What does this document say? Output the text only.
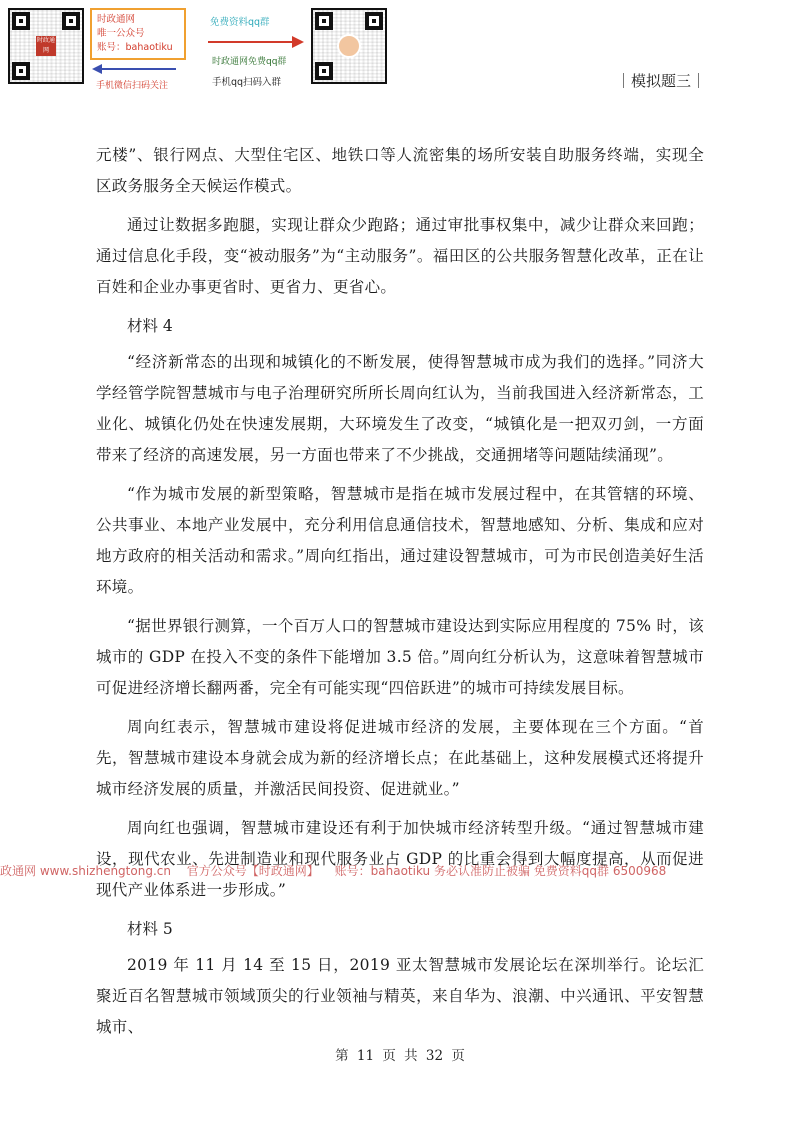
时政通网
时政通网
唯一公众号
账号：bahaotiku
手机微信扫码关注
免费资料qq群
时政通网免费qq群
手机qq扫码入群	｜模拟题三｜

元楼”、银行网点、大型住宅区、地铁口等人流密集的场所安装自助服务终端，实现全区政务服务全天候运作模式。

通过让数据多跑腿，实现让群众少跑路；通过审批事权集中，减少让群众来回跑；通过信息化手段，变“被动服务”为“主动服务”。福田区的公共服务智慧化改革，正在让百姓和企业办事更省时、更省力、更省心。

材料 4

“经济新常态的出现和城镇化的不断发展，使得智慧城市成为我们的选择。”同济大学经管学院智慧城市与电子治理研究所所长周向红认为，当前我国进入经济新常态，工业化、城镇化仍处在快速发展期，大环境发生了改变，“城镇化是一把双刃剑，一方面带来了经济的高速发展，另一方面也带来了不少挑战，交通拥堵等问题陆续涌现”。

“作为城市发展的新型策略，智慧城市是指在城市发展过程中，在其管辖的环境、公共事业、本地产业发展中，充分利用信息通信技术，智慧地感知、分析、集成和应对地方政府的相关活动和需求。”周向红指出，通过建设智慧城市，可为市民创造美好生活环境。

“据世界银行测算，一个百万人口的智慧城市建设达到实际应用程度的 75% 时，该城市的 GDP 在投入不变的条件下能增加 3.5 倍。”周向红分析认为，这意味着智慧城市可促进经济增长翻两番，完全有可能实现“四倍跃进”的城市可持续发展目标。

周向红表示，智慧城市建设将促进城市经济的发展，主要体现在三个方面。“首先，智慧城市建设本身就会成为新的经济增长点；在此基础上，这种发展模式还将提升城市经济发展的质量，并激活民间投资、促进就业。”

周向红也强调，智慧城市建设还有利于加快城市经济转型升级。“通过智慧城市建设，现代农业、先进制造业和现代服务业占 GDP 的比重会得到大幅度提高，从而促进现代产业体系进一步形成。”

材料 5

2019 年 11 月 14 至 15 日，2019 亚太智慧城市发展论坛在深圳举行。论坛汇聚近百名智慧城市领域顶尖的行业领袖与精英，来自华为、浪潮、中兴通讯、平安智慧城市、

政通网 www.shizhengtong.cn 官方公众号【时政通网】 账号：bahaotiku 务必认准防止被骗 免费资料qq群 6500968
第 11 页 共 32 页
